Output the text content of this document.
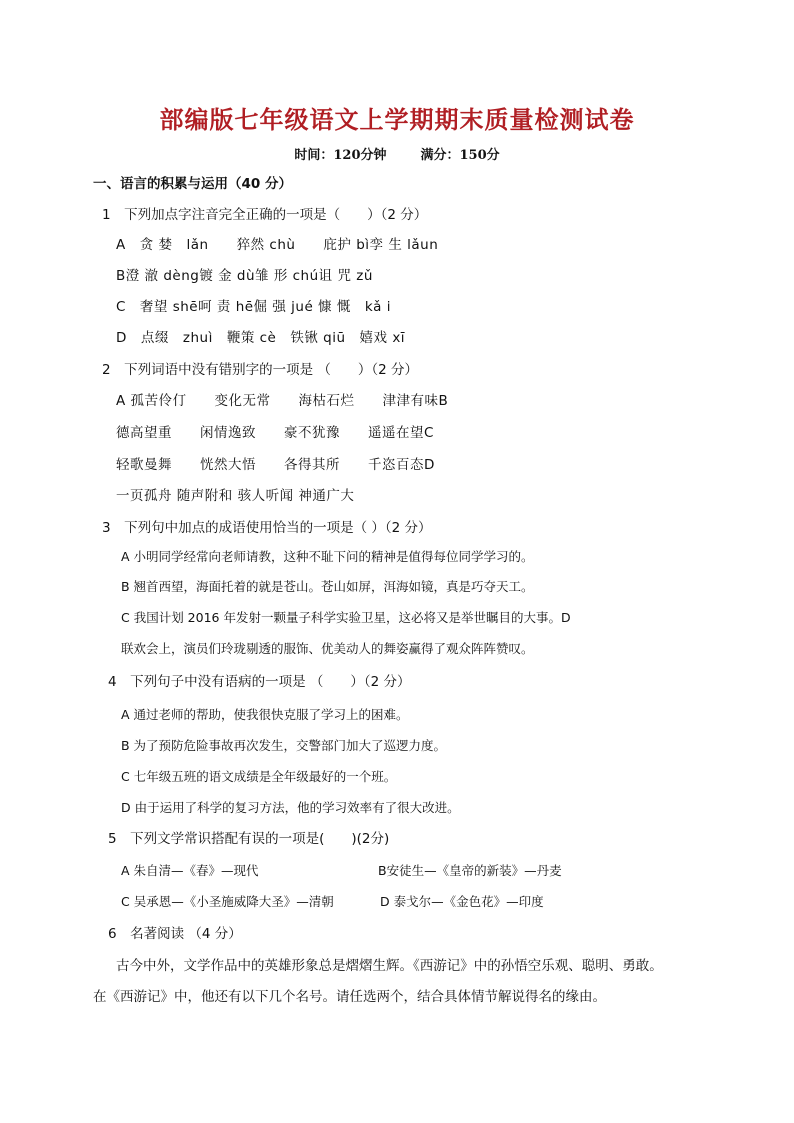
部编版七年级语文上学期期末质量检测试卷
时间：120分钟	满分：150分
一、语言的积累与运用（40 分）
1　下列加点字注音完全正确的一项是（　　）（2 分）
A　贪 婪　lǎn　　猝然 chù　　庇护 bì孪 生 lǎun
B澄 澈 dèng镀 金 dù雏 形 chú诅 咒 zǔ
C　奢望 shē呵 责 hē倔 强 jué 慷 慨　kǎ i
D　点缀　zhuì　鞭策 cè　铁锹 qiū　嬉戏 xī
2　下列词语中没有错别字的一项是 （　　）（2 分）
A 孤苦伶仃　　变化无常　　海枯石烂　　津津有味B
德高望重　　闲情逸致　　豪不犹豫　　遥遥在望C
轻歌曼舞　　恍然大悟　　各得其所　　千恣百态D
一页孤舟 随声附和 骇人听闻 神通广大
3　下列句中加点的成语使用恰当的一项是（ ）（2 分）
A 小明同学经常向老师请教，这种不耻下问的精神是值得每位同学学习的。
B 翘首西望，海面托着的就是苍山。苍山如屏，洱海如镜，真是巧夺天工。
C 我国计划 2016 年发射一颗量子科学实验卫星，这必将又是举世瞩目的大事。D
联欢会上，演员们玲珑剔透的服饰、优美动人的舞姿赢得了观众阵阵赞叹。
4　下列句子中没有语病的一项是 （　　）（2 分）
A 通过老师的帮助，使我很快克服了学习上的困难。
B 为了预防危险事故再次发生，交警部门加大了巡逻力度。
C 七年级五班的语文成绩是全年级最好的一个班。
D 由于运用了科学的复习方法，他的学习效率有了很大改进。
5　下列文学常识搭配有误的一项是(　　)(2分)
A 朱自清—《春》—现代	B安徒生—《皇帝的新装》—丹麦
C 吴承恩—《小圣施威降大圣》—清朝	D 泰戈尔—《金色花》—印度
6　名著阅读 （4 分）
古今中外，文学作品中的英雄形象总是熠熠生辉。《西游记》中的孙悟空乐观、聪明、勇敢。
在《西游记》中，他还有以下几个名号。请任选两个，结合具体情节解说得名的缘由。
